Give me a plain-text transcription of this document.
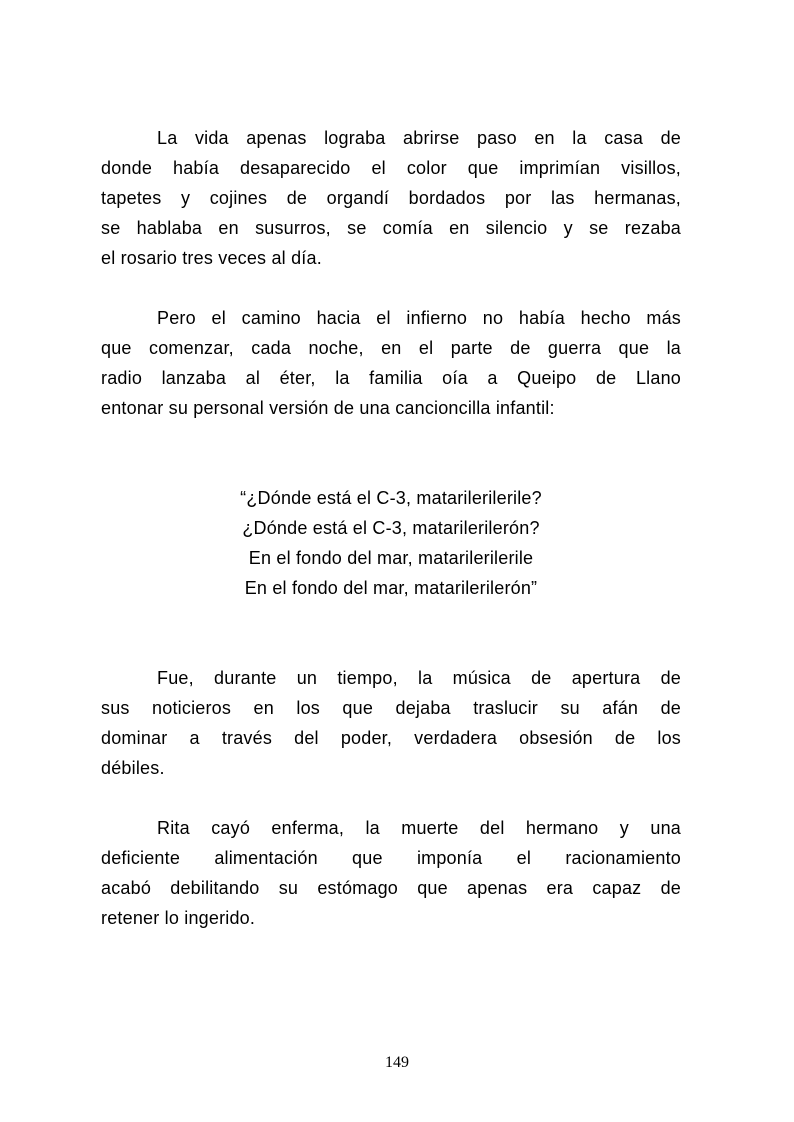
La vida apenas lograba abrirse paso en la casa de
donde había desaparecido el color que imprimían visillos,
tapetes y cojines de organdí bordados por las hermanas,
se hablaba en susurros, se comía en silencio y se rezaba
el rosario tres veces al día.
Pero el camino hacia el infierno no había hecho más
que comenzar, cada noche, en el parte de guerra que la
radio lanzaba al éter, la familia oía a Queipo de Llano
entonar su personal versión de una cancioncilla infantil:
“¿Dónde está el C-3, matarilerilerile?
¿Dónde está el C-3, matarilerilerón?
En el fondo del mar, matarilerilerile
En el fondo del mar, matarilerilerón”
Fue, durante un tiempo, la música de apertura de
sus noticieros en los que dejaba traslucir su afán de
dominar a través del poder, verdadera obsesión de los
débiles.
Rita cayó enferma, la muerte del hermano y una
deficiente alimentación que imponía el racionamiento
acabó debilitando su estómago que apenas era capaz de
retener lo ingerido.
149
